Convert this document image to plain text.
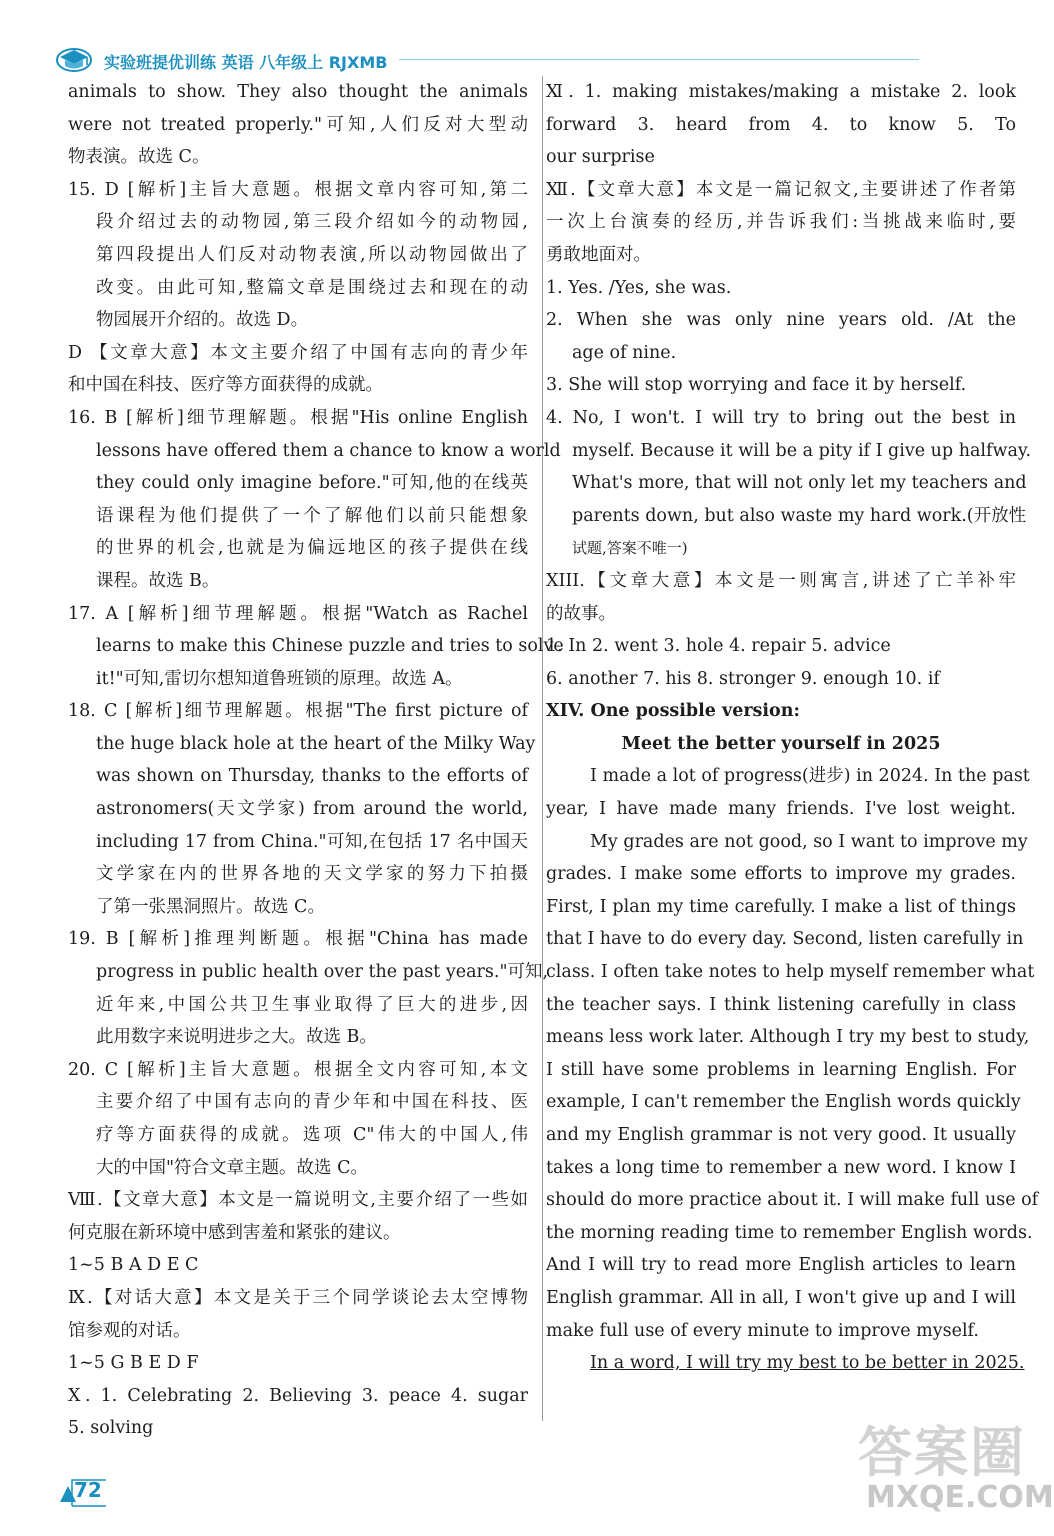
实验班提优训练 英语 八年级上 RJXMB
animals to show. They also thought the animals
were not treated properly."可知,人们反对大型动
物表演。故选 C。
15. D [解析]主旨大意题。根据文章内容可知,第二
段介绍过去的动物园,第三段介绍如今的动物园,
第四段提出人们反对动物表演,所以动物园做出了
改变。由此可知,整篇文章是围绕过去和现在的动
物园展开介绍的。故选 D。
D 【文章大意】本文主要介绍了中国有志向的青少年
和中国在科技、医疗等方面获得的成就。
16. B [解析]细节理解题。根据"His online English
lessons have offered them a chance to know a world
they could only imagine before."可知,他的在线英
语课程为他们提供了一个了解他们以前只能想象
的世界的机会,也就是为偏远地区的孩子提供在线
课程。故选 B。
17. A [解析]细节理解题。根据"Watch as Rachel
learns to make this Chinese puzzle and tries to solve
it!"可知,雷切尔想知道鲁班锁的原理。故选 A。
18. C [解析]细节理解题。根据"The first picture of
the huge black hole at the heart of the Milky Way
was shown on Thursday, thanks to the efforts of
astronomers(天文学家) from around the world,
including 17 from China."可知,在包括 17 名中国天
文学家在内的世界各地的天文学家的努力下拍摄
了第一张黑洞照片。故选 C。
19. B [解析]推理判断题。根据"China has made
progress in public health over the past years."可知,
近年来,中国公共卫生事业取得了巨大的进步,因
此用数字来说明进步之大。故选 B。
20. C [解析]主旨大意题。根据全文内容可知,本文
主要介绍了中国有志向的青少年和中国在科技、医
疗等方面获得的成就。选项 C"伟大的中国人,伟
大的中国"符合文章主题。故选 C。
Ⅷ.【文章大意】本文是一篇说明文,主要介绍了一些如
何克服在新环境中感到害羞和紧张的建议。
1~5 B A D E C
Ⅸ.【对话大意】本文是关于三个同学谈论去太空博物
馆参观的对话。
1~5 G B E D F
Ⅹ. 1. Celebrating 2. Believing 3. peace 4. sugar
5. solving
Ⅺ. 1. making mistakes/making a mistake 2. look
forward 3. heard from 4. to know 5. To
our surprise
Ⅻ.【文章大意】本文是一篇记叙文,主要讲述了作者第
一次上台演奏的经历,并告诉我们:当挑战来临时,要
勇敢地面对。
1. Yes. /Yes, she was.
2. When she was only nine years old. /At the
age of nine.
3. She will stop worrying and face it by herself.
4. No, I won't. I will try to bring out the best in
myself. Because it will be a pity if I give up halfway.
What's more, that will not only let my teachers and
parents down, but also waste my hard work.(开放性
试题,答案不唯一)
XIII.【文章大意】本文是一则寓言,讲述了亡羊补牢
的故事。
1. In 2. went 3. hole 4. repair 5. advice
6. another 7. his 8. stronger 9. enough 10. if
XIV. One possible version:
Meet the better yourself in 2025
I made a lot of progress(进步) in 2024. In the past
year, I have made many friends. I've lost weight.
My grades are not good, so I want to improve my
grades. I make some efforts to improve my grades.
First, I plan my time carefully. I make a list of things
that I have to do every day. Second, listen carefully in
class. I often take notes to help myself remember what
the teacher says. I think listening carefully in class
means less work later. Although I try my best to study,
I still have some problems in learning English. For
example, I can't remember the English words quickly
and my English grammar is not very good. It usually
takes a long time to remember a new word. I know I
should do more practice about it. I will make full use of
the morning reading time to remember English words.
And I will try to read more English articles to learn
English grammar. All in all, I won't give up and I will
make full use of every minute to improve myself.
In a word, I will try my best to be better in 2025.
72
答案圈
MXQE.COM
